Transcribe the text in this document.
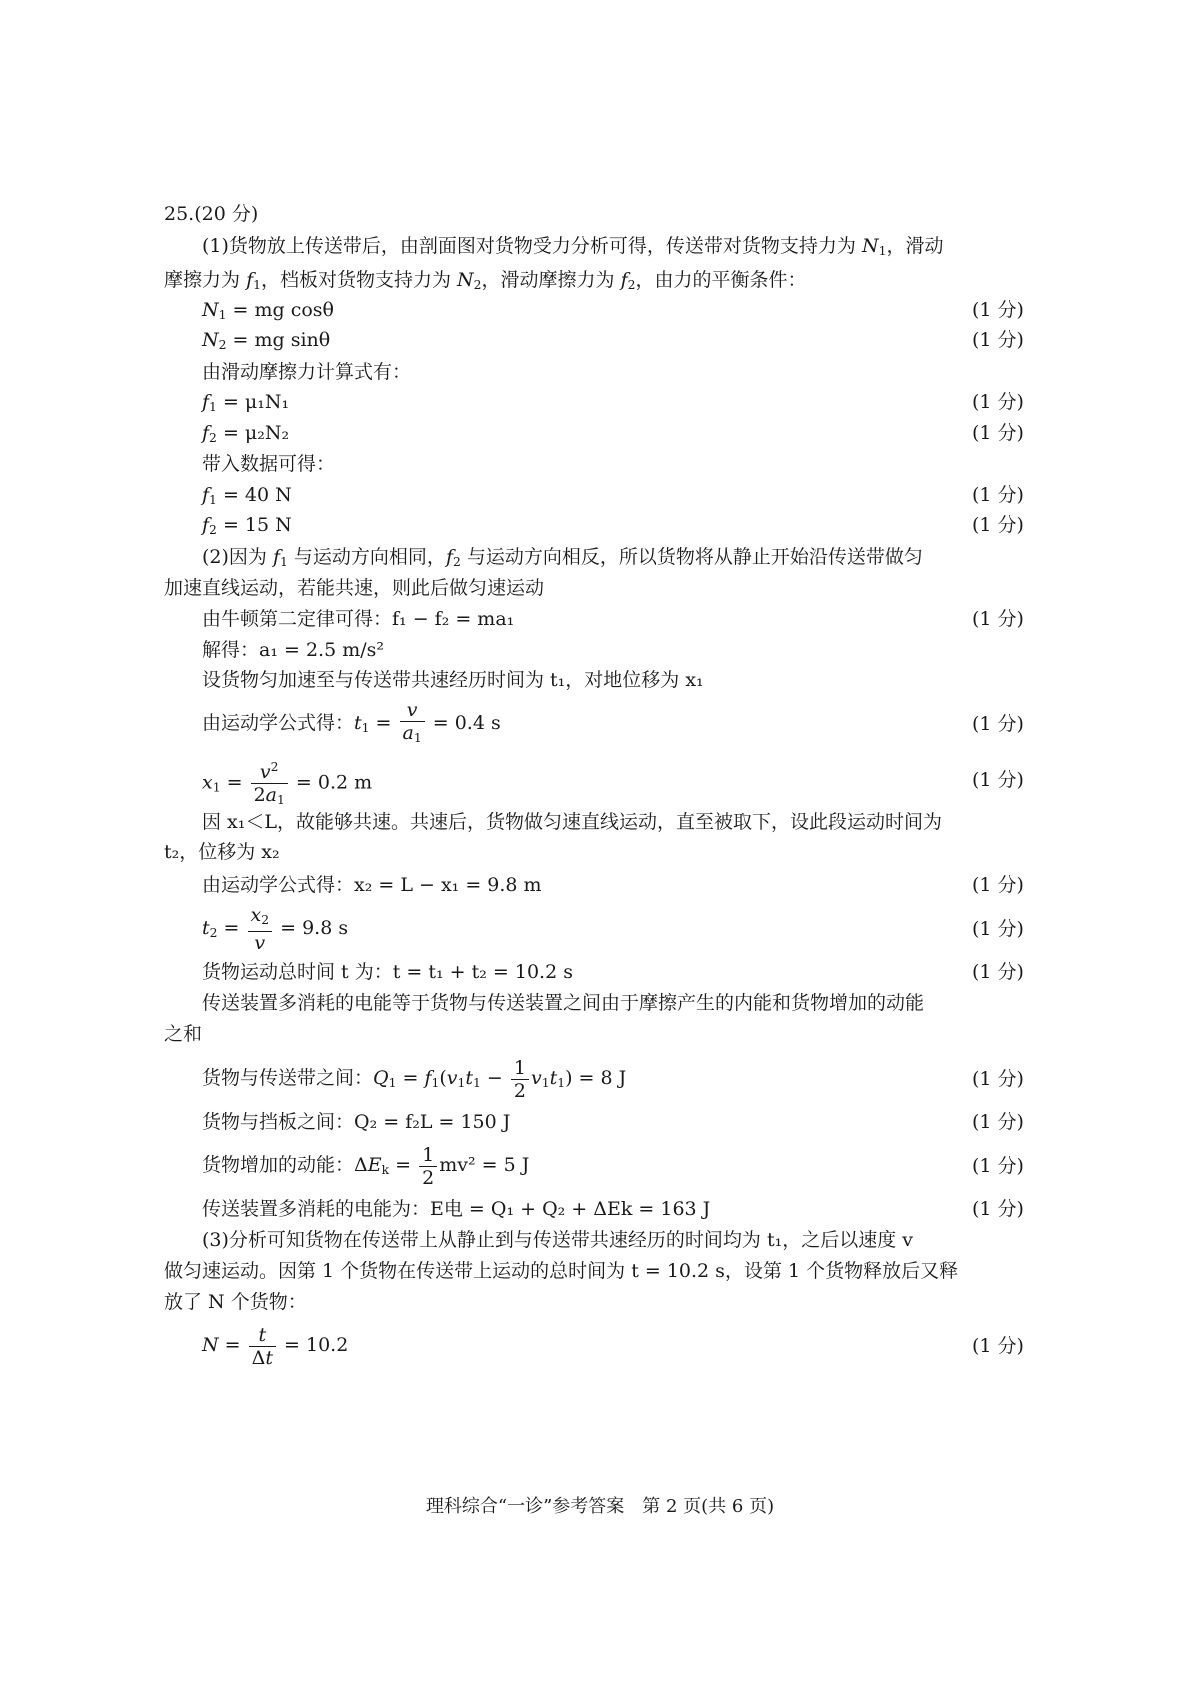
25.(20 分)
(1)货物放上传送带后，由剖面图对货物受力分析可得，传送带对货物支持力为 $N_1$，滑动
摩擦力为 $f_1$，档板对货物支持力为 $N_2$，滑动摩擦力为 $f_2$，由力的平衡条件：
$N_1$ = mg cosθ	(1 分)
$N_2$ = mg sinθ	(1 分)
由滑动摩擦力计算式有：
$f_1 = \mu_1N_1$	(1 分)
$f_2 = \mu_2N_2$	(1 分)
带入数据可得：
$f_1 = 40$ N	(1 分)
$f_2 = 15$ N	(1 分)
(2)因为 $f_1$ 与运动方向相同，$f_2$ 与运动方向相反，所以货物将从静止开始沿传送带做匀
加速直线运动，若能共速，则此后做匀速运动
由牛顿第二定律可得：f₁ − f₂ = ma₁	(1 分)
解得：a₁ = 2.5 m/s²
设货物匀加速至与传送带共速经历时间为 t₁，对地位移为 x₁
由运动学公式得：$t_1 = \frac{v}{a_1} = 0.4$ s	(1 分)
$x_1 = \frac{v^2}{2a_1} = 0.2$ m	(1 分)
因 x₁＜L，故能够共速。共速后，货物做匀速直线运动，直至被取下，设此段运动时间为
t₂，位移为 x₂
由运动学公式得：x₂ = L − x₁ = 9.8 m	(1 分)
$t_2 = \frac{x_2}{v} = 9.8$ s	(1 分)
货物运动总时间 t 为：t = t₁ + t₂ = 10.2 s	(1 分)
传送装置多消耗的电能等于货物与传送装置之间由于摩擦产生的内能和货物增加的动能
之和
货物与传送带之间：$Q_1 = f_1(v_1t_1 - \frac{1}{2} v_1t_1) = 8$ J	(1 分)
货物与挡板之间：Q₂ = f₂L = 150 J	(1 分)
货物增加的动能：$\Delta E_k = \frac{1}{2} mv^2 = 5$ J	(1 分)
传送装置多消耗的电能为：E电 = Q₁ + Q₂ + ΔEk = 163 J	(1 分)
(3)分析可知货物在传送带上从静止到与传送带共速经历的时间均为 t₁，之后以速度 v
做匀速运动。因第 1 个货物在传送带上运动的总时间为 t = 10.2 s，设第 1 个货物释放后又释
放了 N 个货物：
$N = \frac{t}{\Delta t} = 10.2$	(1 分)
理科综合“一诊”参考答案　第 2 页(共 6 页)
